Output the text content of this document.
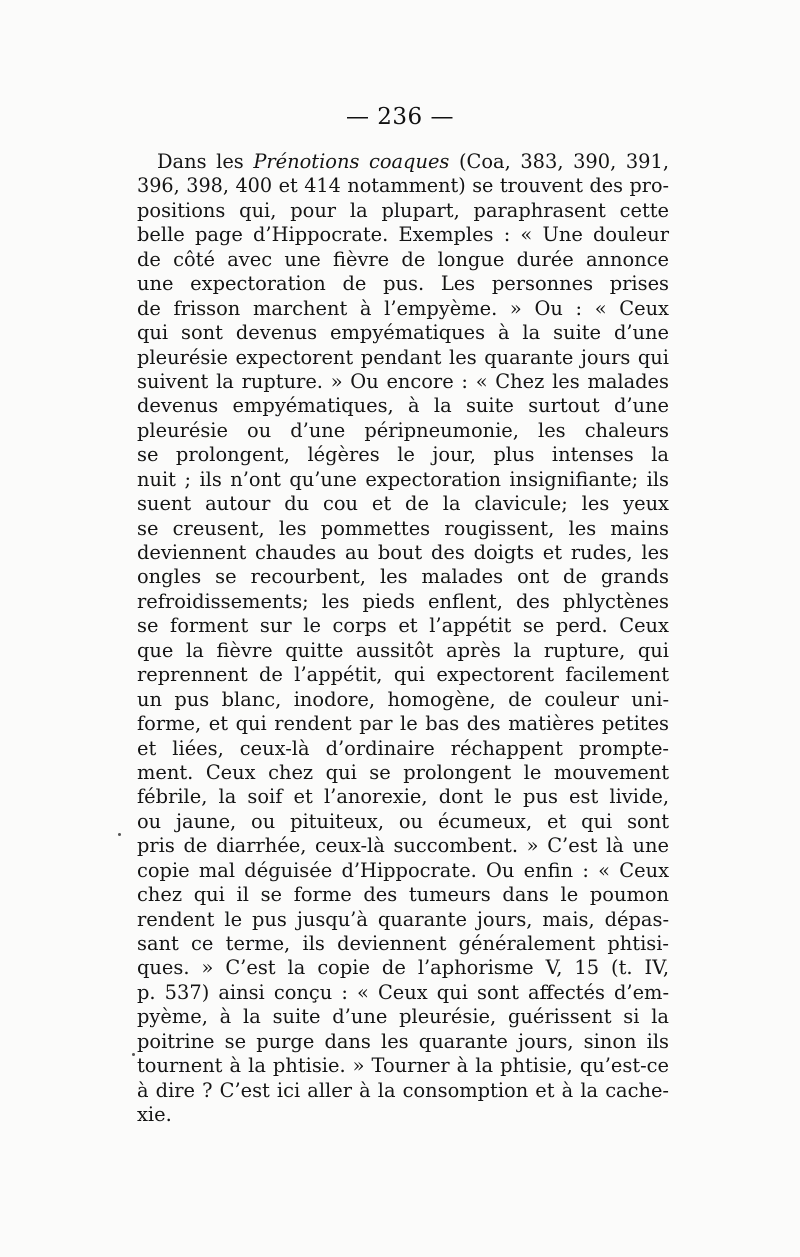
— 236 —
Dans les Prénotions coaques (Coa, 383, 390, 391,
396, 398, 400 et 414 notamment) se trouvent des pro-
positions qui, pour la plupart, paraphrasent cette
belle page d’Hippocrate. Exemples : « Une douleur
de côté avec une fièvre de longue durée annonce
une expectoration de pus. Les personnes prises
de frisson marchent à l’empyème. » Ou : « Ceux
qui sont devenus empyématiques à la suite d’une
pleurésie expectorent pendant les quarante jours qui
suivent la rupture. » Ou encore : « Chez les malades
devenus empyématiques, à la suite surtout d’une
pleurésie ou d’une péripneumonie, les chaleurs
se prolongent, légères le jour, plus intenses la
nuit ; ils n’ont qu’une expectoration insignifiante; ils
suent autour du cou et de la clavicule; les yeux
se creusent, les pommettes rougissent, les mains
deviennent chaudes au bout des doigts et rudes, les
ongles se recourbent, les malades ont de grands
refroidissements; les pieds enflent, des phlyctènes
se forment sur le corps et l’appétit se perd. Ceux
que la fièvre quitte aussitôt après la rupture, qui
reprennent de l’appétit, qui expectorent facilement
un pus blanc, inodore, homogène, de couleur uni-
forme, et qui rendent par le bas des matières petites
et liées, ceux-là d’ordinaire réchappent prompte-
ment. Ceux chez qui se prolongent le mouvement
fébrile, la soif et l’anorexie, dont le pus est livide,
ou jaune, ou pituiteux, ou écumeux, et qui sont
pris de diarrhée, ceux-là succombent. » C’est là une
copie mal déguisée d’Hippocrate. Ou enfin : « Ceux
chez qui il se forme des tumeurs dans le poumon
rendent le pus jusqu’à quarante jours, mais, dépas-
sant ce terme, ils deviennent généralement phtisi-
ques. » C’est la copie de l’aphorisme V, 15 (t. IV,
p. 537) ainsi conçu : « Ceux qui sont affectés d’em-
pyème, à la suite d’une pleurésie, guérissent si la
poitrine se purge dans les quarante jours, sinon ils
tournent à la phtisie. » Tourner à la phtisie, qu’est-ce
à dire ? C’est ici aller à la consomption et à la cache-
xie.
